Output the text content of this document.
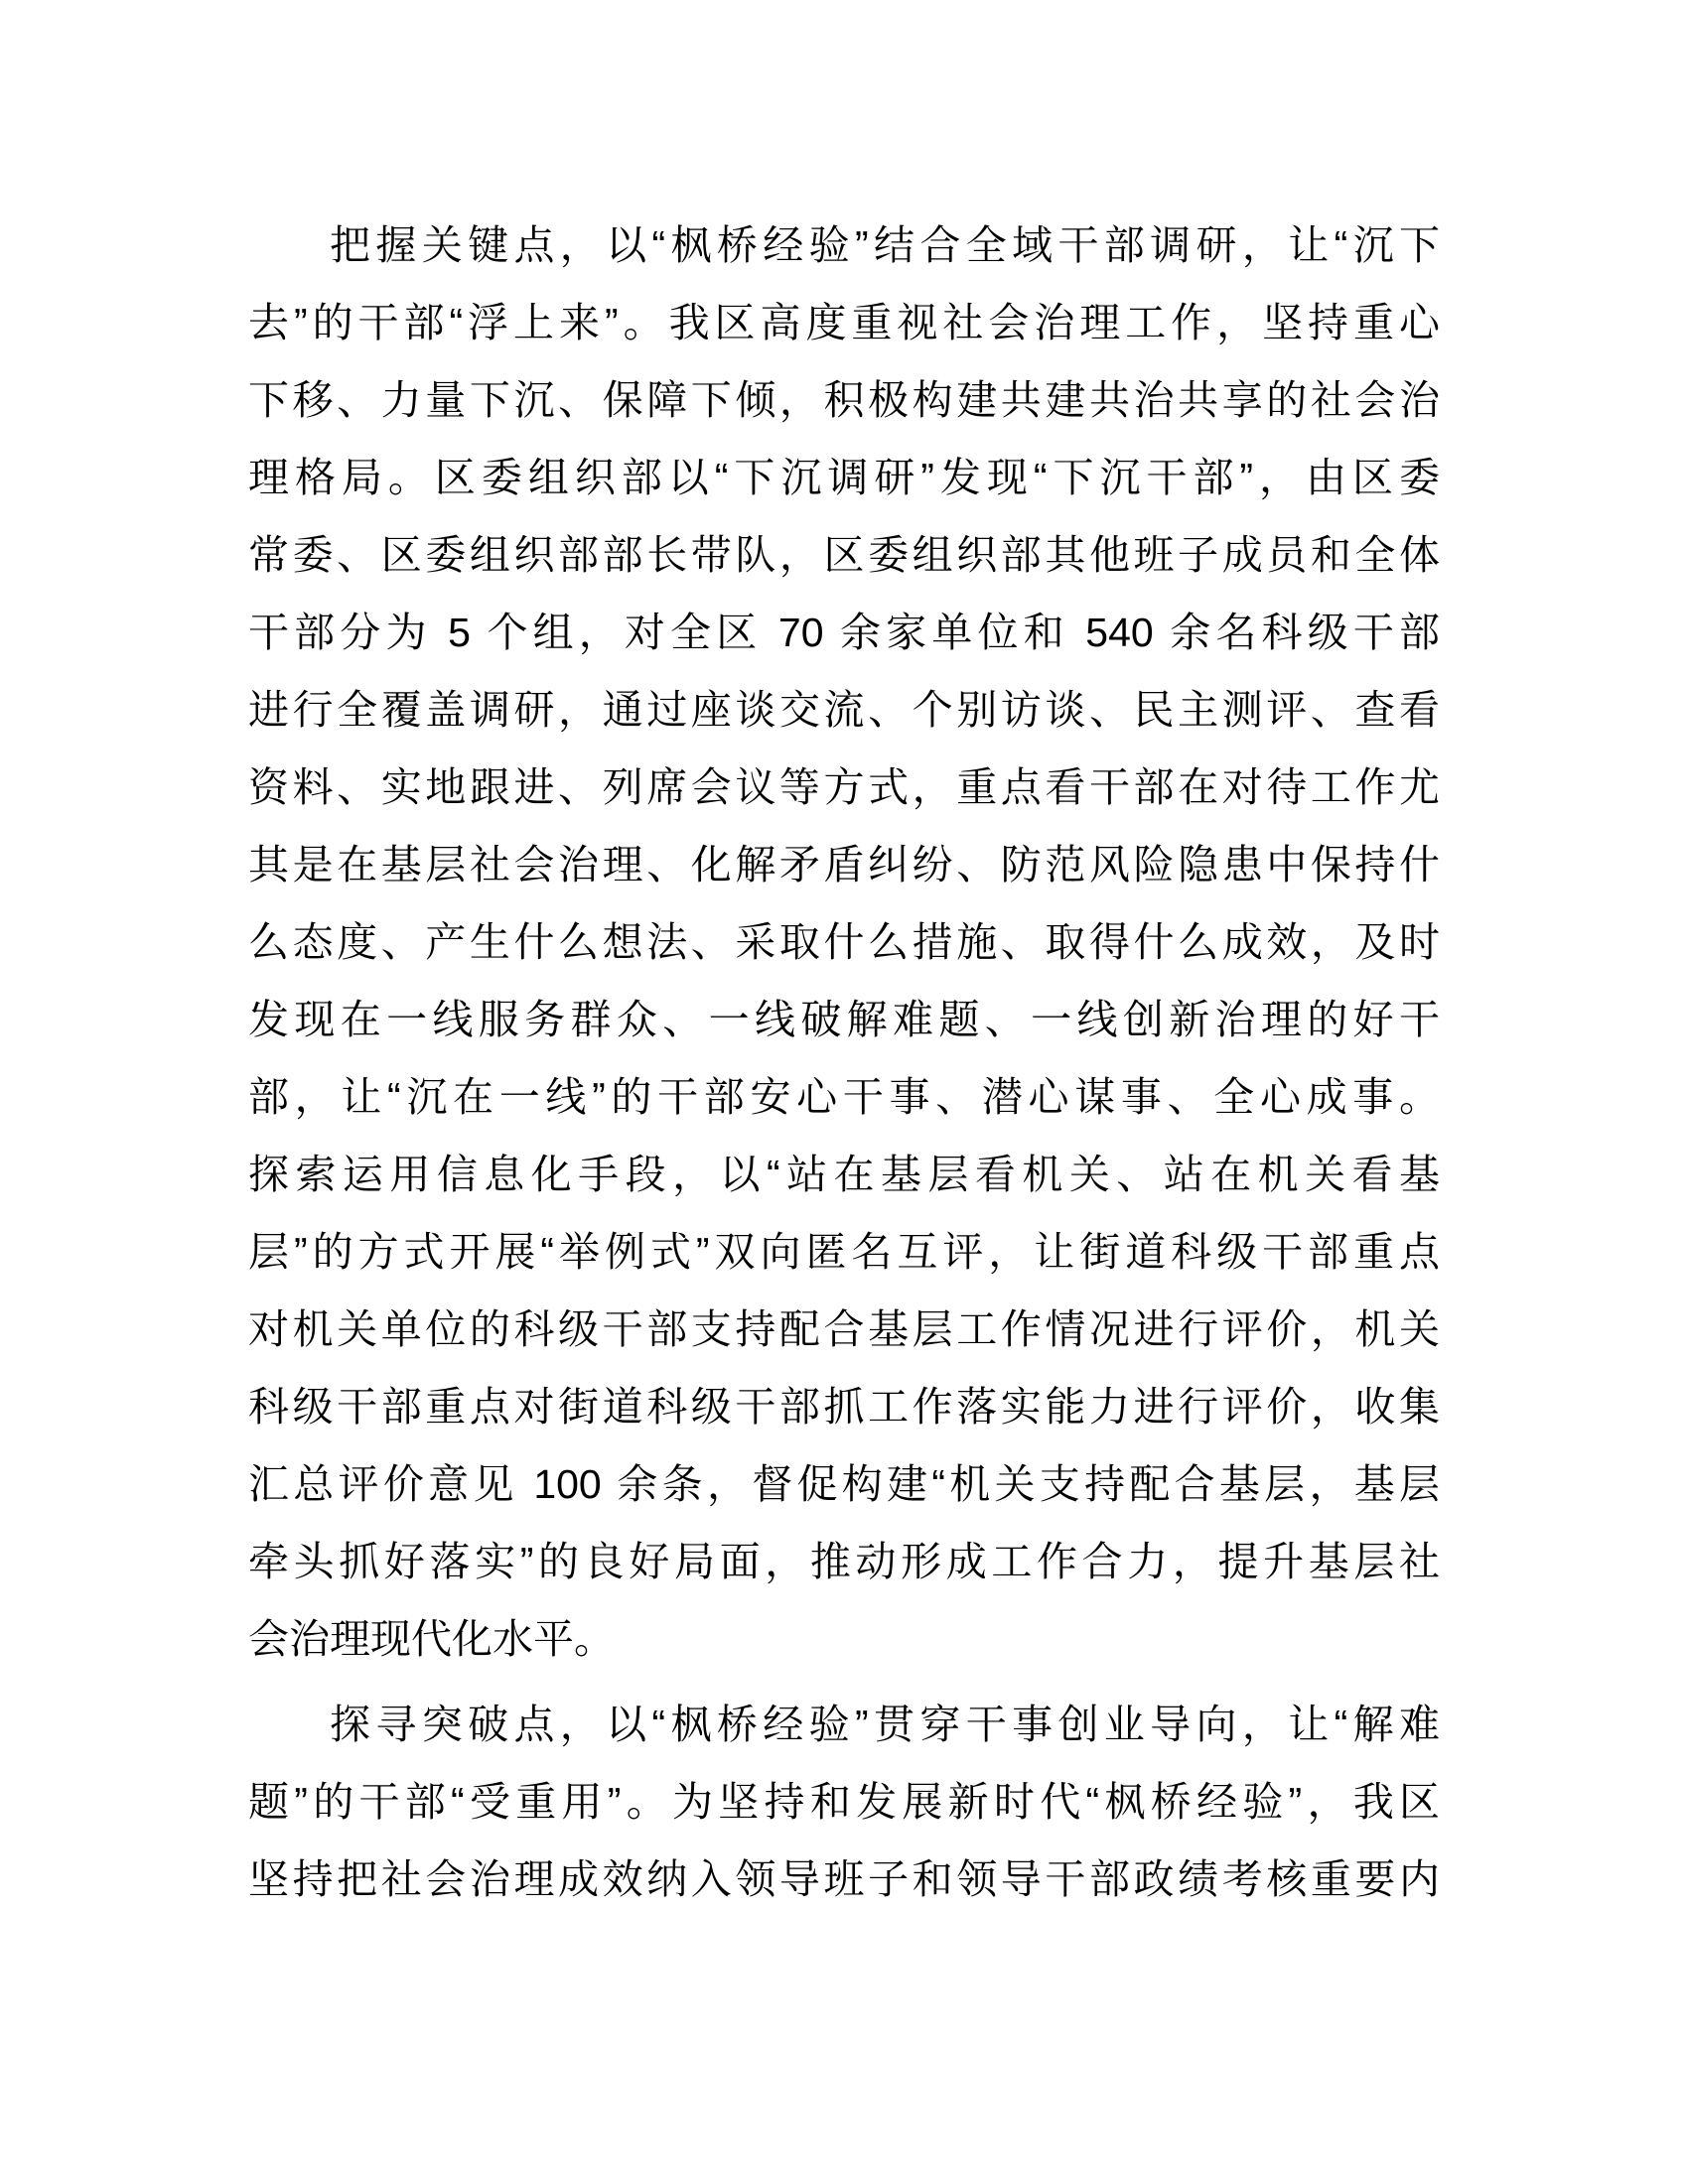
把握关键点，以“枫桥经验”结合全域干部调研，让“沉下
去”的干部“浮上来”。我区高度重视社会治理工作，坚持重心
下移、力量下沉、保障下倾，积极构建共建共治共享的社会治
理格局。区委组织部以“下沉调研”发现“下沉干部”，由区委
常委、区委组织部部长带队，区委组织部其他班子成员和全体
干部分为 5 个组，对全区 70 余家单位和 540 余名科级干部
进行全覆盖调研，通过座谈交流、个别访谈、民主测评、查看
资料、实地跟进、列席会议等方式，重点看干部在对待工作尤
其是在基层社会治理、化解矛盾纠纷、防范风险隐患中保持什
么态度、产生什么想法、采取什么措施、取得什么成效，及时
发现在一线服务群众、一线破解难题、一线创新治理的好干
部，让“沉在一线”的干部安心干事、潜心谋事、全心成事。
探索运用信息化手段，以“站在基层看机关、站在机关看基
层”的方式开展“举例式”双向匿名互评，让街道科级干部重点
对机关单位的科级干部支持配合基层工作情况进行评价，机关
科级干部重点对街道科级干部抓工作落实能力进行评价，收集
汇总评价意见 100 余条，督促构建“机关支持配合基层，基层
牵头抓好落实”的良好局面，推动形成工作合力，提升基层社
会治理现代化水平。
探寻突破点，以“枫桥经验”贯穿干事创业导向，让“解难
题”的干部“受重用”。为坚持和发展新时代“枫桥经验”，我区
坚持把社会治理成效纳入领导班子和领导干部政绩考核重要内
